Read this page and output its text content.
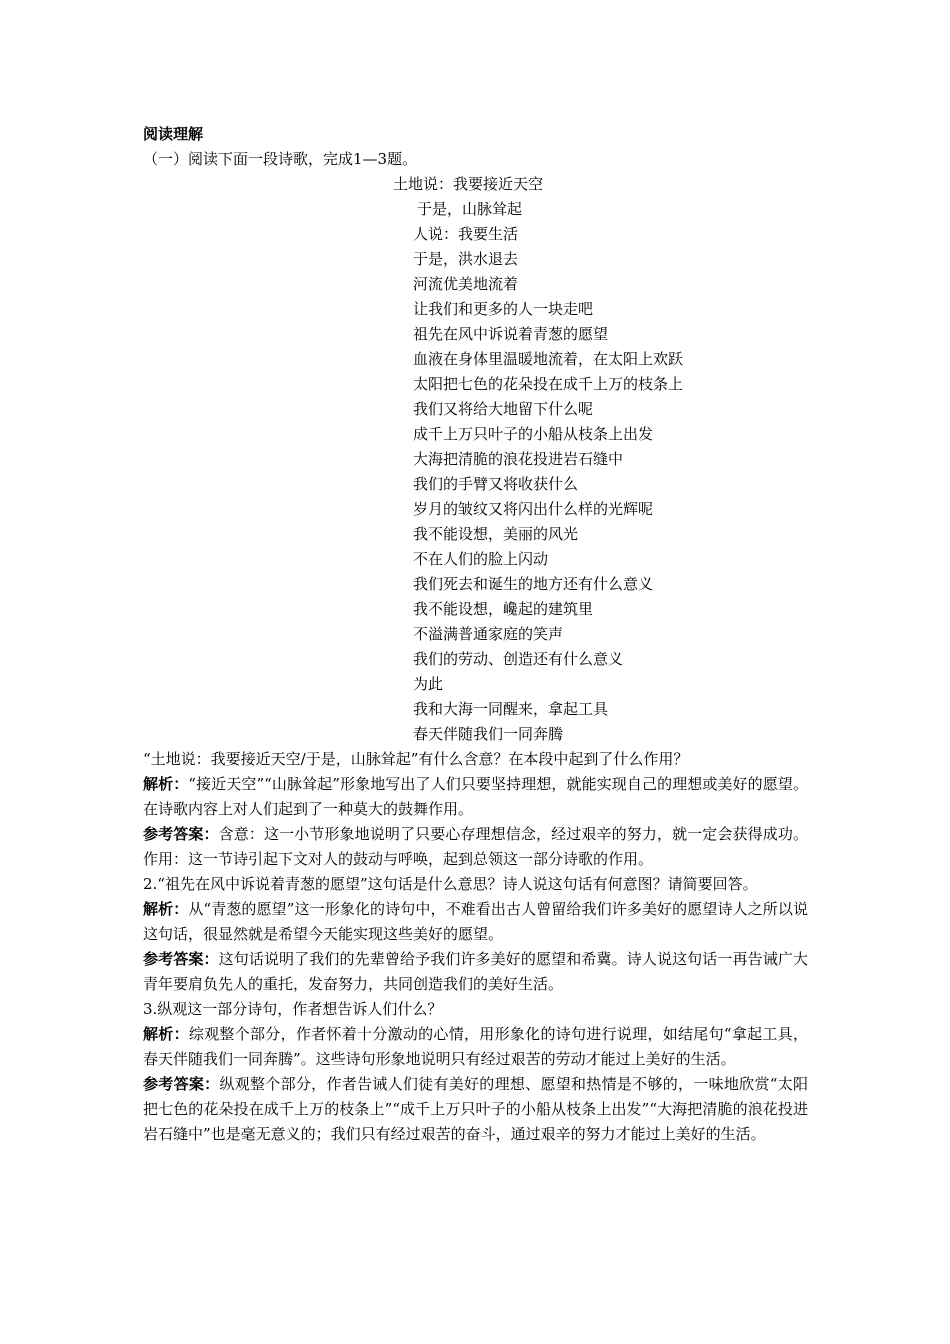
阅读理解
（一）阅读下面一段诗歌，完成1—3题。
土地说：我要接近天空
于是，山脉耸起
人说：我要生活
于是，洪水退去
河流优美地流着
让我们和更多的人一块走吧
祖先在风中诉说着青葱的愿望
血液在身体里温暖地流着，在太阳上欢跃
太阳把七色的花朵投在成千上万的枝条上
我们又将给大地留下什么呢
成千上万只叶子的小船从枝条上出发
大海把清脆的浪花投进岩石缝中
我们的手臂又将收获什么
岁月的皱纹又将闪出什么样的光辉呢
我不能设想，美丽的风光
不在人们的脸上闪动
我们死去和诞生的地方还有什么意义
我不能设想，巉起的建筑里
不溢满普通家庭的笑声
我们的劳动、创造还有什么意义
为此
我和大海一同醒来，拿起工具
春天伴随我们一同奔腾
“土地说：我要接近天空/于是，山脉耸起”有什么含意？在本段中起到了什么作用？
解析：“接近天空”“山脉耸起”形象地写出了人们只要坚持理想，就能实现自己的理想或美好的愿望。在诗歌内容上对人们起到了一种莫大的鼓舞作用。
参考答案：含意：这一小节形象地说明了只要心存理想信念，经过艰辛的努力，就一定会获得成功。作用：这一节诗引起下文对人的鼓动与呼唤，起到总领这一部分诗歌的作用。
2.“祖先在风中诉说着青葱的愿望”这句话是什么意思？诗人说这句话有何意图？请简要回答。
解析：从“青葱的愿望”这一形象化的诗句中，不难看出古人曾留给我们许多美好的愿望诗人之所以说这句话，很显然就是希望今天能实现这些美好的愿望。
参考答案：这句话说明了我们的先辈曾给予我们许多美好的愿望和希冀。诗人说这句话一再告诫广大青年要肩负先人的重托，发奋努力，共同创造我们的美好生活。
3.纵观这一部分诗句，作者想告诉人们什么？
解析：综观整个部分，作者怀着十分激动的心情，用形象化的诗句进行说理，如结尾句“拿起工具，春天伴随我们一同奔腾”。这些诗句形象地说明只有经过艰苦的劳动才能过上美好的生活。
参考答案：纵观整个部分，作者告诫人们徒有美好的理想、愿望和热情是不够的，一味地欣赏“太阳把七色的花朵投在成千上万的枝条上”“成千上万只叶子的小船从枝条上出发”“大海把清脆的浪花投进岩石缝中”也是毫无意义的；我们只有经过艰苦的奋斗，通过艰辛的努力才能过上美好的生活。
